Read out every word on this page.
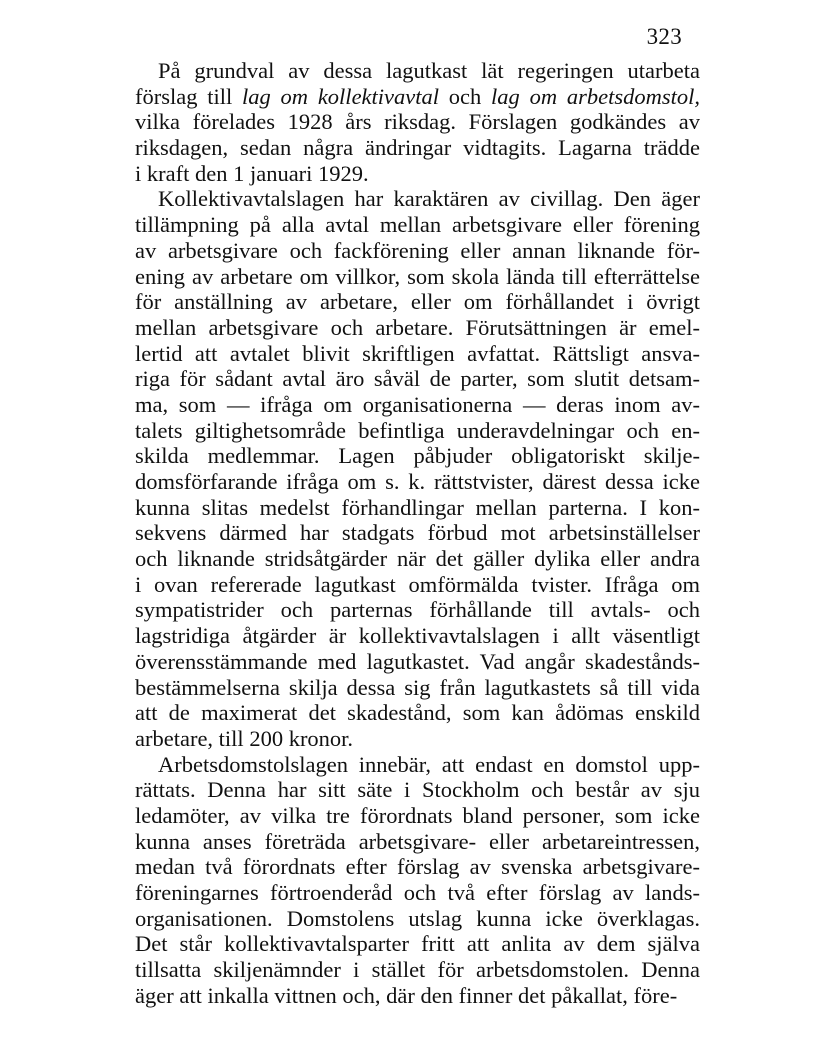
323
På grundval av dessa lagutkast lät regeringen utarbeta
förslag till lag om kollektivavtal och lag om arbetsdomstol,
vilka förelades 1928 års riksdag. Förslagen godkändes av
riksdagen, sedan några ändringar vidtagits. Lagarna trädde
i kraft den 1 januari 1929.
Kollektivavtalslagen har karaktären av civillag. Den äger
tillämpning på alla avtal mellan arbetsgivare eller förening
av arbetsgivare och fackförening eller annan liknande för-
ening av arbetare om villkor, som skola lända till efterrättelse
för anställning av arbetare, eller om förhållandet i övrigt
mellan arbetsgivare och arbetare. Förutsättningen är emel-
lertid att avtalet blivit skriftligen avfattat. Rättsligt ansva-
riga för sådant avtal äro såväl de parter, som slutit detsam-
ma, som — ifråga om organisationerna — deras inom av-
talets giltighetsområde befintliga underavdelningar och en-
skilda medlemmar. Lagen påbjuder obligatoriskt skilje-
domsförfarande ifråga om s. k. rättstvister, därest dessa icke
kunna slitas medelst förhandlingar mellan parterna. I kon-
sekvens därmed har stadgats förbud mot arbetsinställelser
och liknande stridsåtgärder när det gäller dylika eller andra
i ovan refererade lagutkast omförmälda tvister. Ifråga om
sympatistrider och parternas förhållande till avtals- och
lagstridiga åtgärder är kollektivavtalslagen i allt väsentligt
överensstämmande med lagutkastet. Vad angår skadestånds-
bestämmelserna skilja dessa sig från lagutkastets så till vida
att de maximerat det skadestånd, som kan ådömas enskild
arbetare, till 200 kronor.
Arbetsdomstolslagen innebär, att endast en domstol upp-
rättats. Denna har sitt säte i Stockholm och består av sju
ledamöter, av vilka tre förordnats bland personer, som icke
kunna anses företräda arbetsgivare- eller arbetareintressen,
medan två förordnats efter förslag av svenska arbetsgivare-
föreningarnes förtroenderåd och två efter förslag av lands-
organisationen. Domstolens utslag kunna icke överklagas.
Det står kollektivavtalsparter fritt att anlita av dem själva
tillsatta skiljenämnder i stället för arbetsdomstolen. Denna
äger att inkalla vittnen och, där den finner det påkallat, före-
